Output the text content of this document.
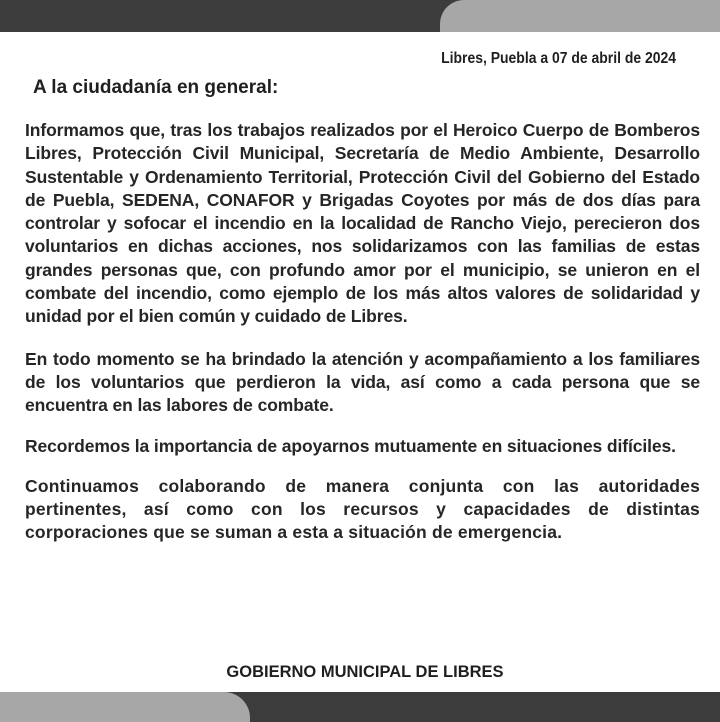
Libres, Puebla a 07 de abril de 2024
A la ciudadanía en general:

Informamos que, tras los trabajos realizados por el Heroico Cuerpo de Bomberos Libres, Protección Civil Municipal, Secretaría de Medio Ambiente, Desarrollo Sustentable y Ordenamiento Territorial, Protección Civil del Gobierno del Estado de Puebla, SEDENA, CONAFOR y Brigadas Coyotes por más de dos días para controlar y sofocar el incendio en la localidad de Rancho Viejo, perecieron dos voluntarios en dichas acciones, nos solidarizamos con las familias de estas grandes personas que, con profundo amor por el municipio, se unieron en el combate del incendio, como ejemplo de los más altos valores de solidaridad y unidad por el bien común y cuidado de Libres.

En todo momento se ha brindado la atención y acompañamiento a los familiares de los voluntarios que perdieron la vida, así como a cada persona que se encuentra en las labores de combate.

Recordemos la importancia de apoyarnos mutuamente en situaciones difíciles.

Continuamos colaborando de manera conjunta con las autoridades pertinentes, así como con los recursos y capacidades de distintas corporaciones que se suman a esta a situación de emergencia.

GOBIERNO MUNICIPAL DE LIBRES
